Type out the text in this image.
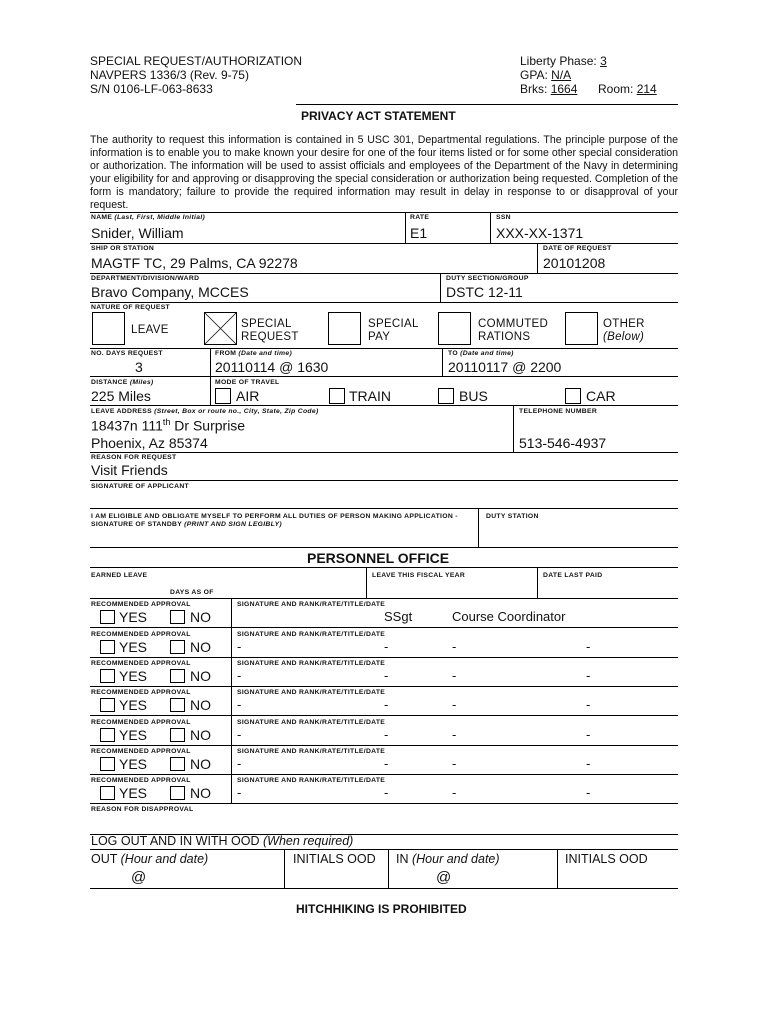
SPECIAL REQUEST/AUTHORIZATION
NAVPERS 1336/3 (Rev. 9-75)
S/N 0106-LF-063-8633
Liberty Phase: 3
GPA: N/A
Brks: 1664 Room: 214
PRIVACY ACT STATEMENT
The authority to request this information is contained in 5 USC 301, Departmental regulations. The principle purpose of the information is to enable you to make known your desire for one of the four items listed or for some other special consideration or authorization. The information will be used to assist officials and employees of the Department of the Navy in determining your eligibility for and approving or disapproving the special consideration or authorization being requested. Completion of the form is mandatory; failure to provide the required information may result in delay in response to or disapproval of your request.
NAME (Last, First, Middle Initial)
Snider, William
RATE
E1
SSN
XXX-XX-1371
SHIP OR STATION
MAGTF TC, 29 Palms, CA 92278
DATE OF REQUEST
20101208
DEPARTMENT/DIVISION/WARD
Bravo Company, MCCES
DUTY SECTION/GROUP
DSTC 12-11
NATURE OF REQUEST
LEAVE	SPECIAL
REQUEST
SPECIAL
PAY
COMMUTED
RATIONS
OTHER
(Below)
NO. DAYS REQUEST
3
FROM (Date and time)
20110114 @ 1630
TO (Date and time)
20110117 @ 2200
DISTANCE (Miles)
225 Miles
MODE OF TRAVEL
AIR	TRAIN	BUS	CAR
LEAVE ADDRESS (Street, Box or route no., City, State, Zip Code)
18437n 111th Dr Surprise
Phoenix, Az 85374
TELEPHONE NUMBER
513-546-4937
REASON FOR REQUEST
Visit Friends
SIGNATURE OF APPLICANT
I AM ELIGIBLE AND OBLIGATE MYSELF TO PERFORM ALL DUTIES OF PERSON MAKING APPLICATION -
SIGNATURE OF STANDBY (PRINT AND SIGN LEGIBLY)
DUTY STATION
PERSONNEL OFFICE
EARNED LEAVE
DAYS AS OF
LEAVE THIS FISCAL YEAR	DATE LAST PAID
RECOMMENDED APPROVAL	SIGNATURE AND RANK/RATE/TITLE/DATE
YES	NO	SSgt	Course Coordinator
RECOMMENDED APPROVAL	SIGNATURE AND RANK/RATE/TITLE/DATE
YES	NO -	-	-	-
RECOMMENDED APPROVAL	SIGNATURE AND RANK/RATE/TITLE/DATE
YES	NO -	-	-	-
RECOMMENDED APPROVAL	SIGNATURE AND RANK/RATE/TITLE/DATE
YES	NO -	-	-	-
RECOMMENDED APPROVAL	SIGNATURE AND RANK/RATE/TITLE/DATE
YES	NO -	-	-	-
RECOMMENDED APPROVAL	SIGNATURE AND RANK/RATE/TITLE/DATE
YES	NO -	-	-	-
RECOMMENDED APPROVAL	SIGNATURE AND RANK/RATE/TITLE/DATE
YES	NO -	-	-	-
REASON FOR DISAPPROVAL
LOG OUT AND IN WITH OOD (When required)
OUT (Hour and date)	INITIALS OOD IN (Hour and date)	INITIALS OOD
@	@
HITCHHIKING IS PROHIBITED
